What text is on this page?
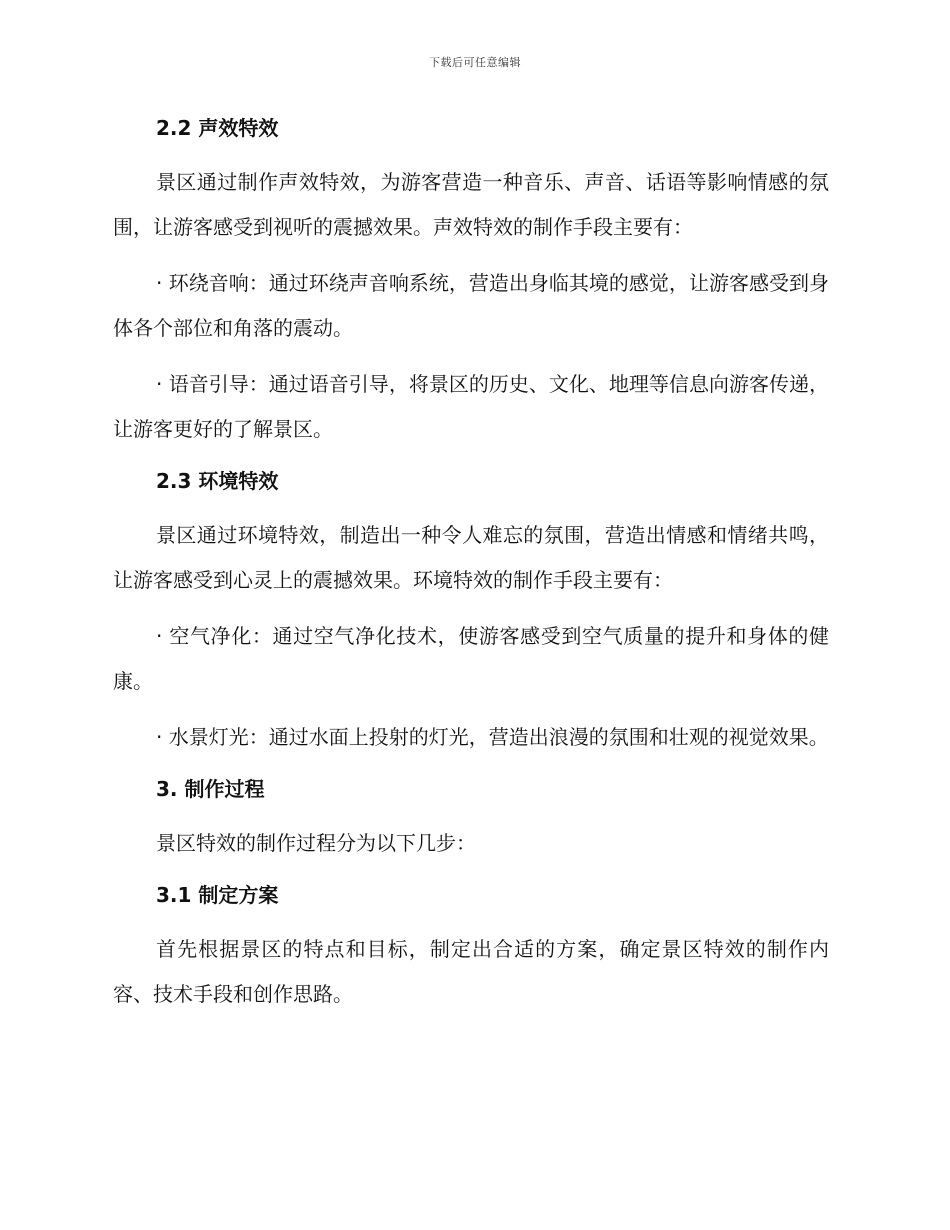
下载后可任意编辑
2.2 声效特效

景区通过制作声效特效，为游客营造一种音乐、声音、话语等影响情感的氛围，让游客感受到视听的震撼效果。声效特效的制作手段主要有：

· 环绕音响：通过环绕声音响系统，营造出身临其境的感觉，让游客感受到身体各个部位和角落的震动。

· 语音引导：通过语音引导，将景区的历史、文化、地理等信息向游客传递，让游客更好的了解景区。

2.3 环境特效

景区通过环境特效，制造出一种令人难忘的氛围，营造出情感和情绪共鸣，让游客感受到心灵上的震撼效果。环境特效的制作手段主要有：

· 空气净化：通过空气净化技术，使游客感受到空气质量的提升和身体的健康。

· 水景灯光：通过水面上投射的灯光，营造出浪漫的氛围和壮观的视觉效果。

3. 制作过程

景区特效的制作过程分为以下几步：

3.1 制定方案

首先根据景区的特点和目标，制定出合适的方案，确定景区特效的制作内容、技术手段和创作思路。
